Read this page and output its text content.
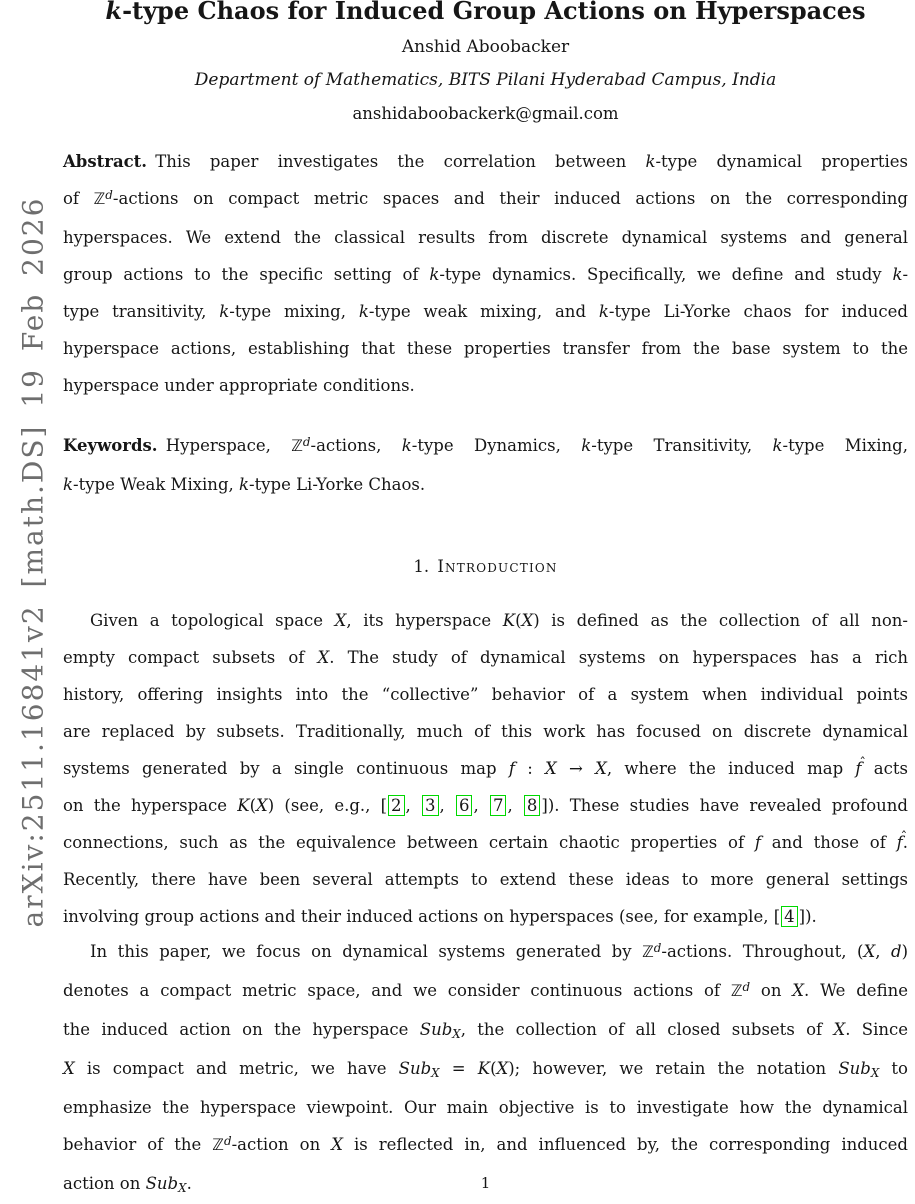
arXiv:2511.16841v2 [math.DS] 19 Feb 2026
k-type Chaos for Induced Group Actions on Hyperspaces
Anshid Aboobacker
Department of Mathematics, BITS Pilani Hyderabad Campus, India
anshidaboobackerk@gmail.com
Abstract. This paper investigates the correlation between k-type dynamical properties
of ℤ$^d$-actions on compact metric spaces and their induced actions on the corresponding
hyperspaces. We extend the classical results from discrete dynamical systems and general
group actions to the specific setting of k-type dynamics. Specifically, we define and study k-
type transitivity, k-type mixing, k-type weak mixing, and k-type Li-Yorke chaos for induced
hyperspace actions, establishing that these properties transfer from the base system to the
hyperspace under appropriate conditions.
Keywords. Hyperspace, ℤ$^d$-actions, k-type Dynamics, k-type Transitivity, k-type Mixing,
k-type Weak Mixing, k-type Li-Yorke Chaos.
1. Introduction
Given a topological space X, its hyperspace K(X) is defined as the collection of all non-
empty compact subsets of X. The study of dynamical systems on hyperspaces has a rich
history, offering insights into the “collective” behavior of a system when individual points
are replaced by subsets. Traditionally, much of this work has focused on discrete dynamical
systems generated by a single continuous map f : X → X, where the induced map f ˆ acts
on the hyperspace K(X) (see, e.g., [ 2 , 3 , 6 , 7 , 8 ]). These studies have revealed profound
connections, such as the equivalence between certain chaotic properties of f and those of f ˆ.
Recently, there have been several attempts to extend these ideas to more general settings
involving group actions and their induced actions on hyperspaces (see, for example, [ 4 ]).
In this paper, we focus on dynamical systems generated by ℤ$^d$-actions. Throughout, (X, d)
denotes a compact metric space, and we consider continuous actions of ℤ$^d$ on X. We define
the induced action on the hyperspace SubX, the collection of all closed subsets of X. Since
X is compact and metric, we have SubX = K(X); however, we retain the notation SubX to
emphasize the hyperspace viewpoint. Our main objective is to investigate how the dynamical
behavior of the ℤ$^d$-action on X is reflected in, and influenced by, the corresponding induced
action on SubX.	1
